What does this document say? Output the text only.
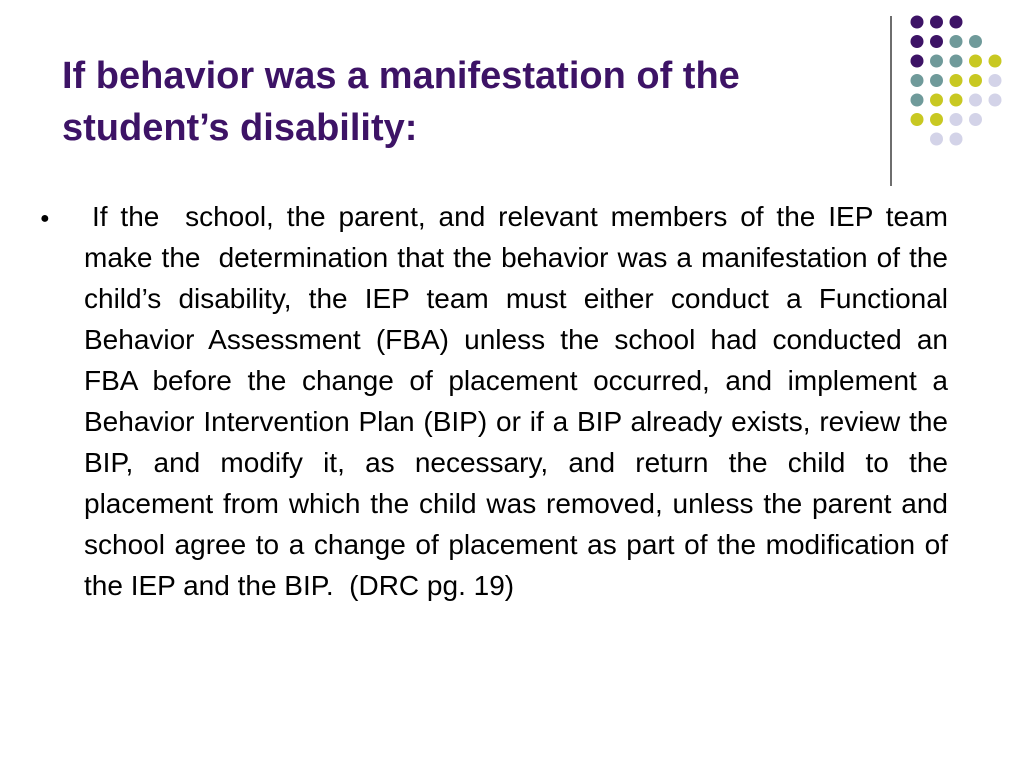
If behavior was a manifestation of the student’s disability:
● If the  school, the parent, and relevant members of the IEP team make the  determination that the behavior was a manifestation of the child’s disability, the IEP team must either conduct a Functional Behavior Assessment (FBA) unless the school had conducted an FBA before the change of placement occurred, and implement a Behavior Intervention Plan (BIP) or if a BIP already exists, review the BIP, and modify it, as necessary, and return the child to the placement from which the child was removed, unless the parent and  school agree to a change of placement as part of the modification of the IEP and the BIP.  (DRC pg. 19)
